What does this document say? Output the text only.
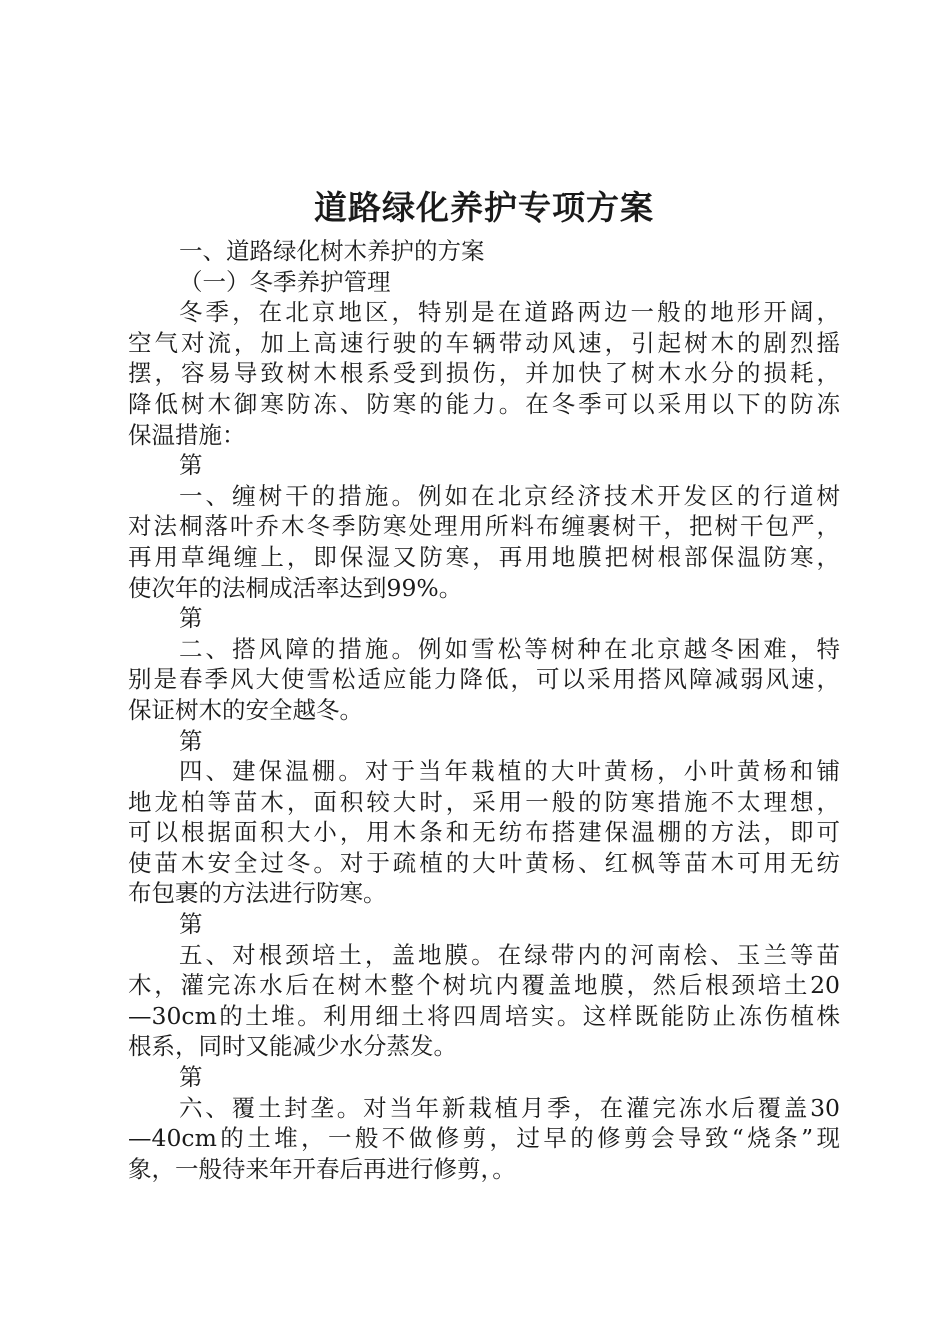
道路绿化养护专项方案

一、道路绿化树木养护的方案

（一）冬季养护管理

冬季，在北京地区，特别是在道路两边一般的地形开阔，

空气对流，加上高速行驶的车辆带动风速，引起树木的剧烈摇

摆，容易导致树木根系受到损伤，并加快了树木水分的损耗，

降低树木御寒防冻、防寒的能力。在冬季可以采用以下的防冻

保温措施：

第

一、缠树干的措施。例如在北京经济技术开发区的行道树

对法桐落叶乔木冬季防寒处理用所料布缠裹树干，把树干包严，

再用草绳缠上，即保湿又防寒，再用地膜把树根部保温防寒，

使次年的法桐成活率达到99%。

第

二、搭风障的措施。例如雪松等树种在北京越冬困难，特

别是春季风大使雪松适应能力降低，可以采用搭风障减弱风速，

保证树木的安全越冬。

第

四、建保温棚。对于当年栽植的大叶黄杨，小叶黄杨和铺

地龙柏等苗木，面积较大时，采用一般的防寒措施不太理想，

可以根据面积大小，用木条和无纺布搭建保温棚的方法，即可

使苗木安全过冬。对于疏植的大叶黄杨、红枫等苗木可用无纺

布包裹的方法进行防寒。

第

五、对根颈培土，盖地膜。在绿带内的河南桧、玉兰等苗

木，灌完冻水后在树木整个树坑内覆盖地膜，然后根颈培土20

—30cm的土堆。利用细土将四周培实。这样既能防止冻伤植株

根系，同时又能减少水分蒸发。

第

六、覆土封垄。对当年新栽植月季，在灌完冻水后覆盖30

—40cm的土堆，一般不做修剪，过早的修剪会导致“烧条”现

象，一般待来年开春后再进行修剪，。
